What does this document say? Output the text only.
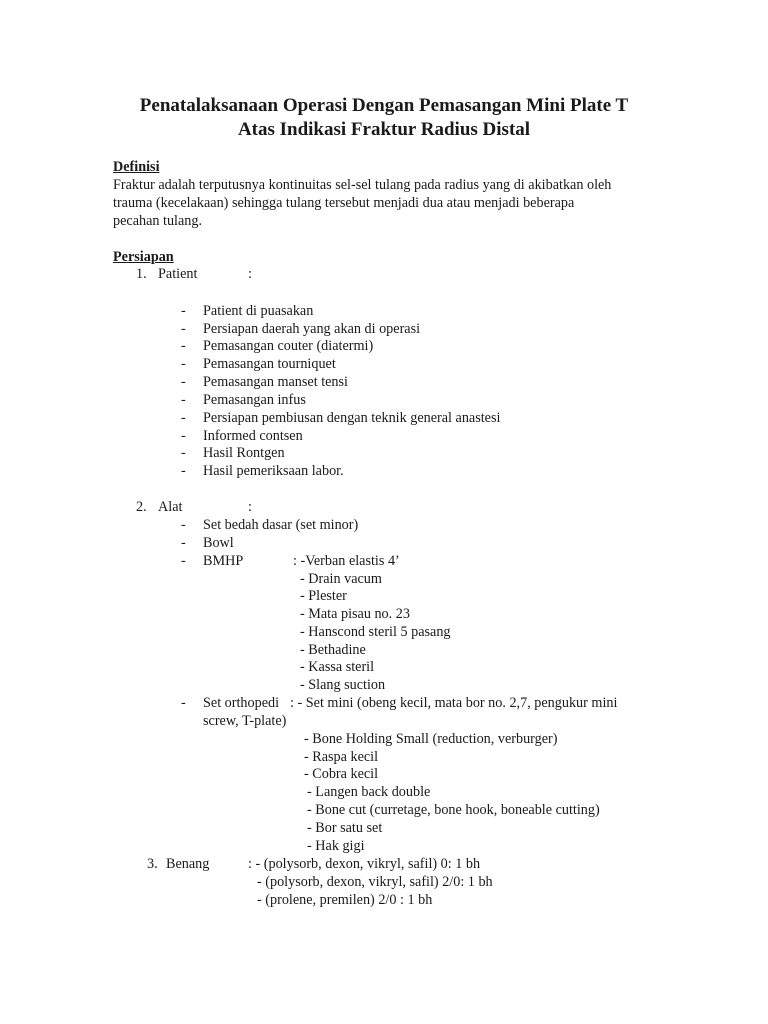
Penatalaksanaan Operasi Dengan Pemasangan Mini Plate T
Atas Indikasi Fraktur Radius Distal
Definisi
Fraktur adalah terputusnya kontinuitas sel-sel tulang pada radius yang di akibatkan oleh
trauma (kecelakaan) sehingga tulang tersebut menjadi dua atau menjadi beberapa
pecahan tulang.
Persiapan
1. Patient	:
- Patient di puasakan
- Persiapan daerah yang akan di operasi
- Pemasangan couter (diatermi)
- Pemasangan tourniquet
- Pemasangan manset tensi
- Pemasangan infus
- Persiapan pembiusan dengan teknik general anastesi
- Informed contsen
- Hasil Rontgen
- Hasil pemeriksaan labor.
2. Alat	:
- Set bedah dasar (set minor)
- Bowl
- BMHP	: -Verban elastis 4’
- Drain vacum
- Plester
- Mata pisau no. 23
- Hanscond steril 5 pasang
- Bethadine
- Kassa steril
- Slang suction
- Set orthopedi : - Set mini (obeng kecil, mata bor no. 2,7, pengukur mini
screw, T-plate)
- Bone Holding Small (reduction, verburger)
- Raspa kecil
- Cobra kecil
- Langen back double
- Bone cut (curretage, bone hook, boneable cutting)
- Bor satu set
- Hak gigi
3. Benang	: - (polysorb, dexon, vikryl, safil) 0: 1 bh
- (polysorb, dexon, vikryl, safil) 2/0: 1 bh
- (prolene, premilen) 2/0 : 1 bh
